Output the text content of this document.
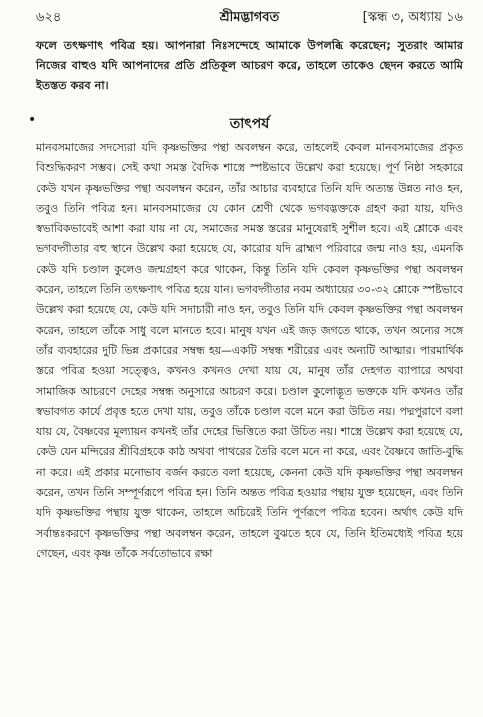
৬২৪	শ্রীমদ্ভাগবত	[স্কন্ধ ৩, অধ্যায় ১৬

ফলে তৎক্ষণাৎ পবিত্র হয়। আপনারা নিঃসন্দেহে আমাকে উপলব্ধি করেছেন; সুতরাং আমার নিজের বাহুও যদি আপনাদের প্রতি প্রতিকূল আচরণ করে, তাহলে তাকেও ছেদন করতে আমি ইতস্তত করব না।

•	তাৎপর্য

মানবসমাজের সদস্যেরা যদি কৃষ্ণভক্তির পন্থা অবলম্বন করে, তাহলেই কেবল মানবসমাজের প্রকৃত বিশুদ্ধিকরণ সম্ভব। সেই কথা সমস্ত বৈদিক শাস্ত্রে স্পষ্টভাবে উল্লেখ করা হয়েছে। পূর্ণ নিষ্ঠা সহকারে কেউ যখন কৃষ্ণভক্তির পন্থা অবলম্বন করেন, তাঁর আচার ব্যবহারে তিনি যদি অত্যন্ত উন্নত নাও হন, তবুও তিনি পবিত্র হন। মানবসমাজের যে কোন শ্রেণী থেকে ভগবদ্ভক্তকে গ্রহণ করা যায়, যদিও স্বভাবিকভাবেই আশা করা যায় না যে, সমাজের সমস্ত স্তরের মানুষেরাই সুশীল হবে। এই শ্লোকে এবং ভগবদ্গীতার বহু স্থানে উল্লেখ করা হয়েছে যে, কারোর যদি ব্রাহ্মণ পরিবারে জন্ম নাও হয়, এমনকি কেউ যদি চণ্ডাল কুলেও জন্মগ্রহণ করে থাকেন, কিন্তু তিনি যদি কেবল কৃষ্ণভক্তির পন্থা অবলম্বন করেন, তাহলে তিনি তৎক্ষণাৎ পবিত্র হয়ে যান। ভগবদ্গীতার নবম অধ্যায়ের ৩০-৩২ শ্লোকে স্পষ্টভাবে উল্লেখ করা হয়েছে যে, কেউ যদি সদাচারী নাও হন, তবুও তিনি যদি কেবল কৃষ্ণভক্তির পন্থা অবলম্বন করেন, তাহলে তাঁকে সাধু বলে মানতে হবে। মানুষ যখন এই জড় জগতে থাকে, তখন অন্যের সঙ্গে তাঁর ব্যবহারের দুটি ভিন্ন প্রকারের সম্বন্ধ হয়—একটি সম্বন্ধ শরীরের এবং অন্যটি আত্মার। পারমার্থিক স্তরে পবিত্র হওয়া সত্ত্বেও, কখনও কখনও দেখা যায় যে, মানুষ তাঁর দেহগত ব্যাপারে অথবা সামাজিক আচরণে দেহের সম্বন্ধ অনুসারে আচরণ করে। চণ্ডাল কুলোদ্ভূত ভক্তকে যদি কখনও তাঁর স্বভাবগত কার্যে প্রবৃত্ত হতে দেখা যায়, তবুও তাঁকে চণ্ডাল বলে মনে করা উচিত নয়। পদ্মপুরাণে বলা যায় যে, বৈষ্ণবের মূল্যায়ন কখনই তাঁর দেহের ভিত্তিতে করা উচিত নয়। শাস্ত্রে উল্লেখ করা হয়েছে যে, কেউ যেন মন্দিরের শ্রীবিগ্রহকে কাঠ অথবা পাথরের তৈরি বলে মনে না করে, এবং বৈষ্ণবে জাতি-বুদ্ধি না করে। এই প্রকার মনোভাব বর্জন করতে বলা হয়েছে, কেননা কেউ যদি কৃষ্ণভক্তির পন্থা অবলম্বন করেন, তখন তিনি সম্পূর্ণরূপে পবিত্র হন। তিনি অন্তত পবিত্র হওয়ার পন্থায় যুক্ত হয়েছেন, এবং তিনি যদি কৃষ্ণভক্তির পন্থায় যুক্ত থাকেন, তাহলে অচিরেই তিনি পূর্ণরূপে পবিত্র হবেন। অর্থাৎ কেউ যদি সর্বান্তঃকরণে কৃষ্ণভক্তির পন্থা অবলম্বন করেন, তাহলে বুঝতে হবে যে, তিনি ইতিমধ্যেই পবিত্র হয়ে গেছেন, এবং কৃষ্ণ তাঁকে সর্বতোভাবে রক্ষা
